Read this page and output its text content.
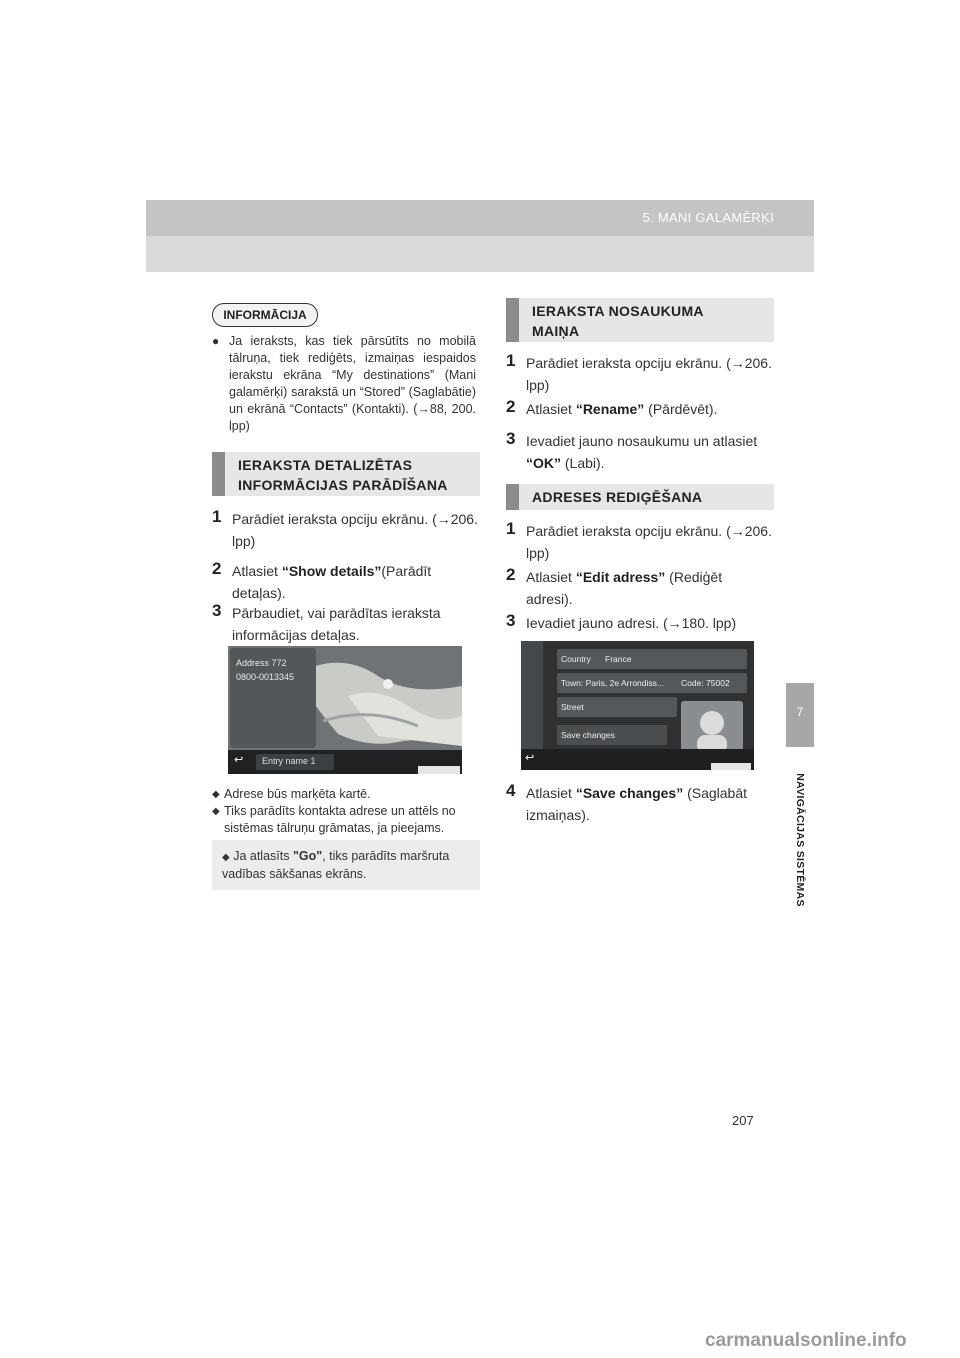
5. MANI GALAMĒRĶI
7
NAVIGĀCIJAS SISTĒMAS
INFORMĀCIJA
● Ja ieraksts, kas tiek pārsūtīts no mobilā tālruņa, tiek rediģēts, izmaiņas iespaidos ierakstu ekrāna “My destinations” (Mani galamērķi) sarakstā un “Stored” (Saglabātie) un ekrānā “Contacts” (Kontakti). (→88, 200. lpp)
IERAKSTA DETALIZĒTAS
INFORMĀCIJAS PARĀDĪŠANA
1 Parādiet ieraksta opciju ekrānu. (→206. lpp)
2 Atlasiet “Show details”(Parādīt detaļas).
3 Pārbaudiet, vai parādītas ieraksta informācijas detaļas.
Address 772
0800-0013345
↩ Entry name 1
◆ Adrese būs marķēta kartē.
◆ Tiks parādīts kontakta adrese un attēls no sistēmas tālruņu grāmatas, ja pieejams.
◆ Ja atlasīts "Go", tiks parādīts maršruta vadības sākšanas ekrāns.
IERAKSTA NOSAUKUMA
MAIŅA
1 Parādiet ieraksta opciju ekrānu. (→206. lpp)
2 Atlasiet “Rename” (Pārdēvēt).
3 Ievadiet jauno nosaukumu un atlasiet “OK” (Labi).
ADRESES REDIĢĒŠANA
1 Parādiet ieraksta opciju ekrānu. (→206. lpp)
2 Atlasiet “Edit adress” (Rediģēt adresi).
3 Ievadiet jauno adresi. (→180. lpp)
Country France
Town: Paris, 2e Arrondiss... Code: 75002
Street
Save changes
↩
4 Atlasiet “Save changes” (Saglabāt izmaiņas).
207
carmanualsonline.info
